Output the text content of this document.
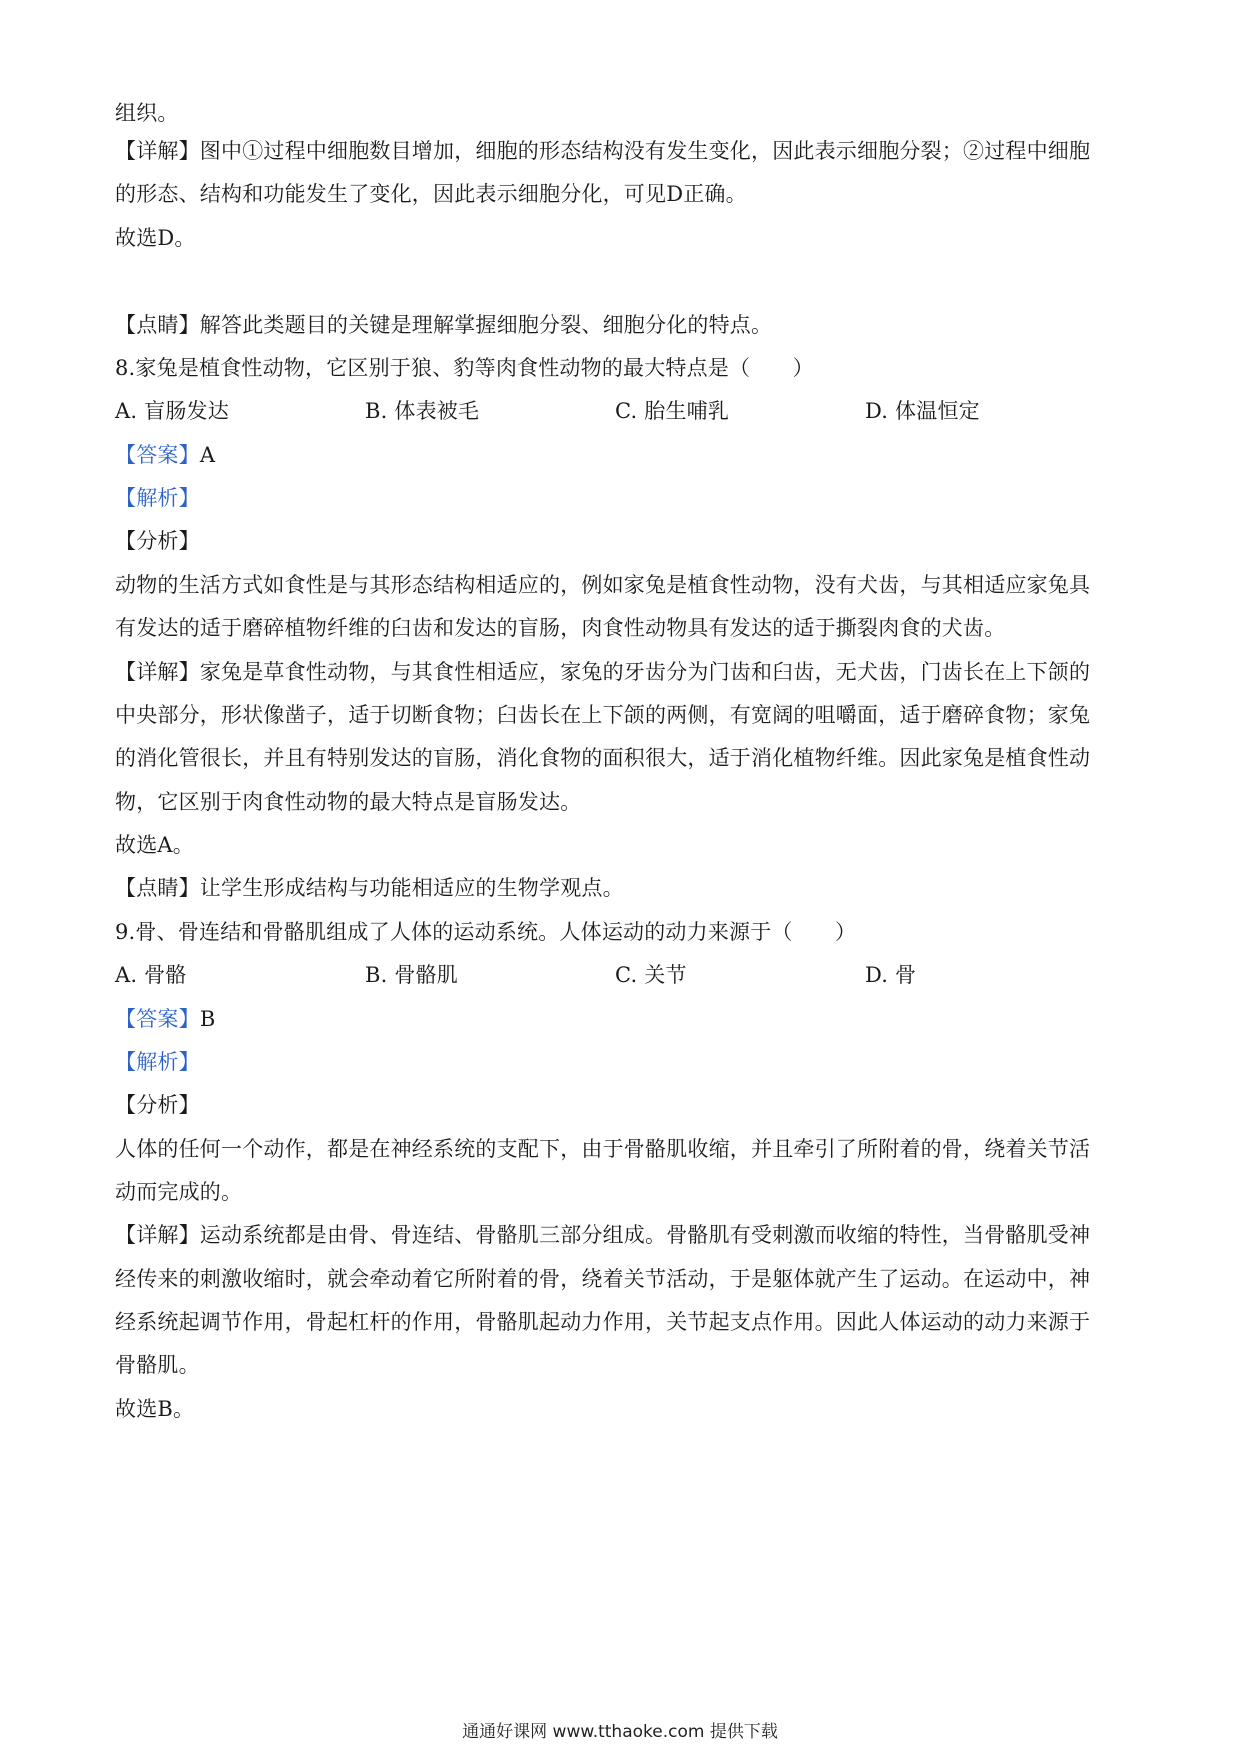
组织。
【详解】图中①过程中细胞数目增加，细胞的形态结构没有发生变化，因此表示细胞分裂；②过程中细胞
的形态、结构和功能发生了变化，因此表示细胞分化，可见D正确。
故选D。
【点睛】解答此类题目的关键是理解掌握细胞分裂、细胞分化的特点。
8.家兔是植食性动物，它区别于狼、豹等肉食性动物的最大特点是（　　）
A. 盲肠发达	B. 体表被毛	C. 胎生哺乳	D. 体温恒定
【答案】A
【解析】
【分析】
动物的生活方式如食性是与其形态结构相适应的，例如家兔是植食性动物，没有犬齿，与其相适应家兔具
有发达的适于磨碎植物纤维的臼齿和发达的盲肠，肉食性动物具有发达的适于撕裂肉食的犬齿。
【详解】家兔是草食性动物，与其食性相适应，家兔的牙齿分为门齿和臼齿，无犬齿，门齿长在上下颌的
中央部分，形状像凿子，适于切断食物；臼齿长在上下颌的两侧，有宽阔的咀嚼面，适于磨碎食物；家兔
的消化管很长，并且有特别发达的盲肠，消化食物的面积很大，适于消化植物纤维。因此家兔是植食性动
物，它区别于肉食性动物的最大特点是盲肠发达。
故选A。
【点睛】让学生形成结构与功能相适应的生物学观点。
9.骨、骨连结和骨骼肌组成了人体的运动系统。人体运动的动力来源于（　　）
A. 骨骼	B. 骨骼肌	C. 关节	D. 骨
【答案】B
【解析】
【分析】
人体的任何一个动作，都是在神经系统的支配下，由于骨骼肌收缩，并且牵引了所附着的骨，绕着关节活
动而完成的。
【详解】运动系统都是由骨、骨连结、骨骼肌三部分组成。骨骼肌有受刺激而收缩的特性，当骨骼肌受神
经传来的刺激收缩时，就会牵动着它所附着的骨，绕着关节活动，于是躯体就产生了运动。在运动中，神
经系统起调节作用，骨起杠杆的作用，骨骼肌起动力作用，关节起支点作用。因此人体运动的动力来源于
骨骼肌。
故选B。
通通好课网 www.tthaoke.com 提供下载
